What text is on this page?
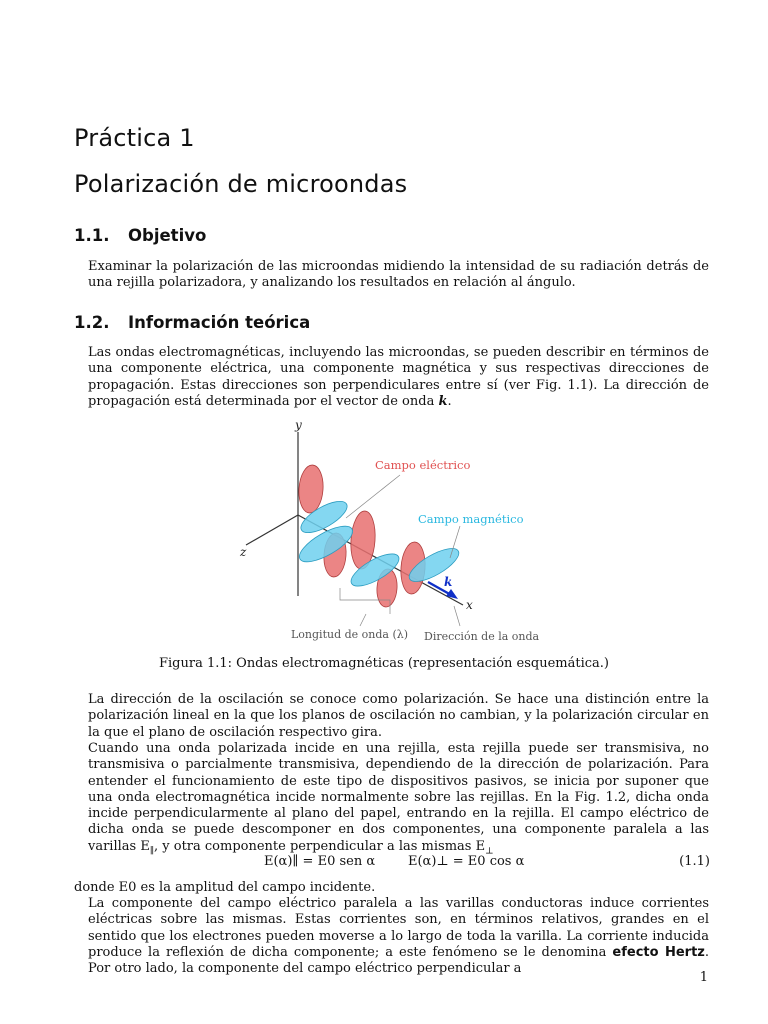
Práctica 1
Polarización de microondas
1.1. Objetivo
Examinar la polarización de las microondas midiendo la intensidad de su radiación detrás de una rejilla polarizadora, y analizando los resultados en relación al ángulo.
1.2. Información teórica
Las ondas electromagnéticas, incluyendo las microondas, se pueden describir en términos de una componente eléctrica, una componente magnética y sus respectivas direcciones de propagación. Estas direcciones son perpendiculares entre sí (ver Fig. 1.1). La dirección de propagación está determinada por el vector de onda k.
y
z
x
k
Campo eléctrico
Campo magnético
Longitud de onda (λ) Dirección de la onda
Figura 1.1: Ondas electromagnéticas (representación esquemática.)
La dirección de la oscilación se conoce como polarización. Se hace una distinción entre la polarización lineal en la que los planos de oscilación no cambian, y la polarización circular en la que el plano de oscilación respectivo gira.
Cuando una onda polarizada incide en una rejilla, esta rejilla puede ser transmisiva, no transmisiva o parcialmente transmisiva, dependiendo de la dirección de polarización. Para entender el funcionamiento de este tipo de dispositivos pasivos, se inicia por suponer que una onda electromagnética incide normalmente sobre las rejillas. En la Fig. 1.2, dicha onda incide perpendicularmente al plano del papel, entrando en la rejilla. El campo eléctrico de dicha onda se puede descomponer en dos componentes, una componente paralela a las varillas $E_\parallel$, y otra componente perpendicular a las mismas $E_\perp$
E(α)∥ = E0 sen α	E(α)⊥ = E0 cos α	(1.1)
donde E0 es la amplitud del campo incidente.
La componente del campo eléctrico paralela a las varillas conductoras induce corrientes eléctricas sobre las mismas. Estas corrientes son, en términos relativos, grandes en el sentido que los electrones pueden moverse a lo largo de toda la varilla. La corriente inducida produce la reflexión de dicha componente; a este fenómeno se le denomina efecto Hertz. Por otro lado, la componente del campo eléctrico perpendicular a
1
